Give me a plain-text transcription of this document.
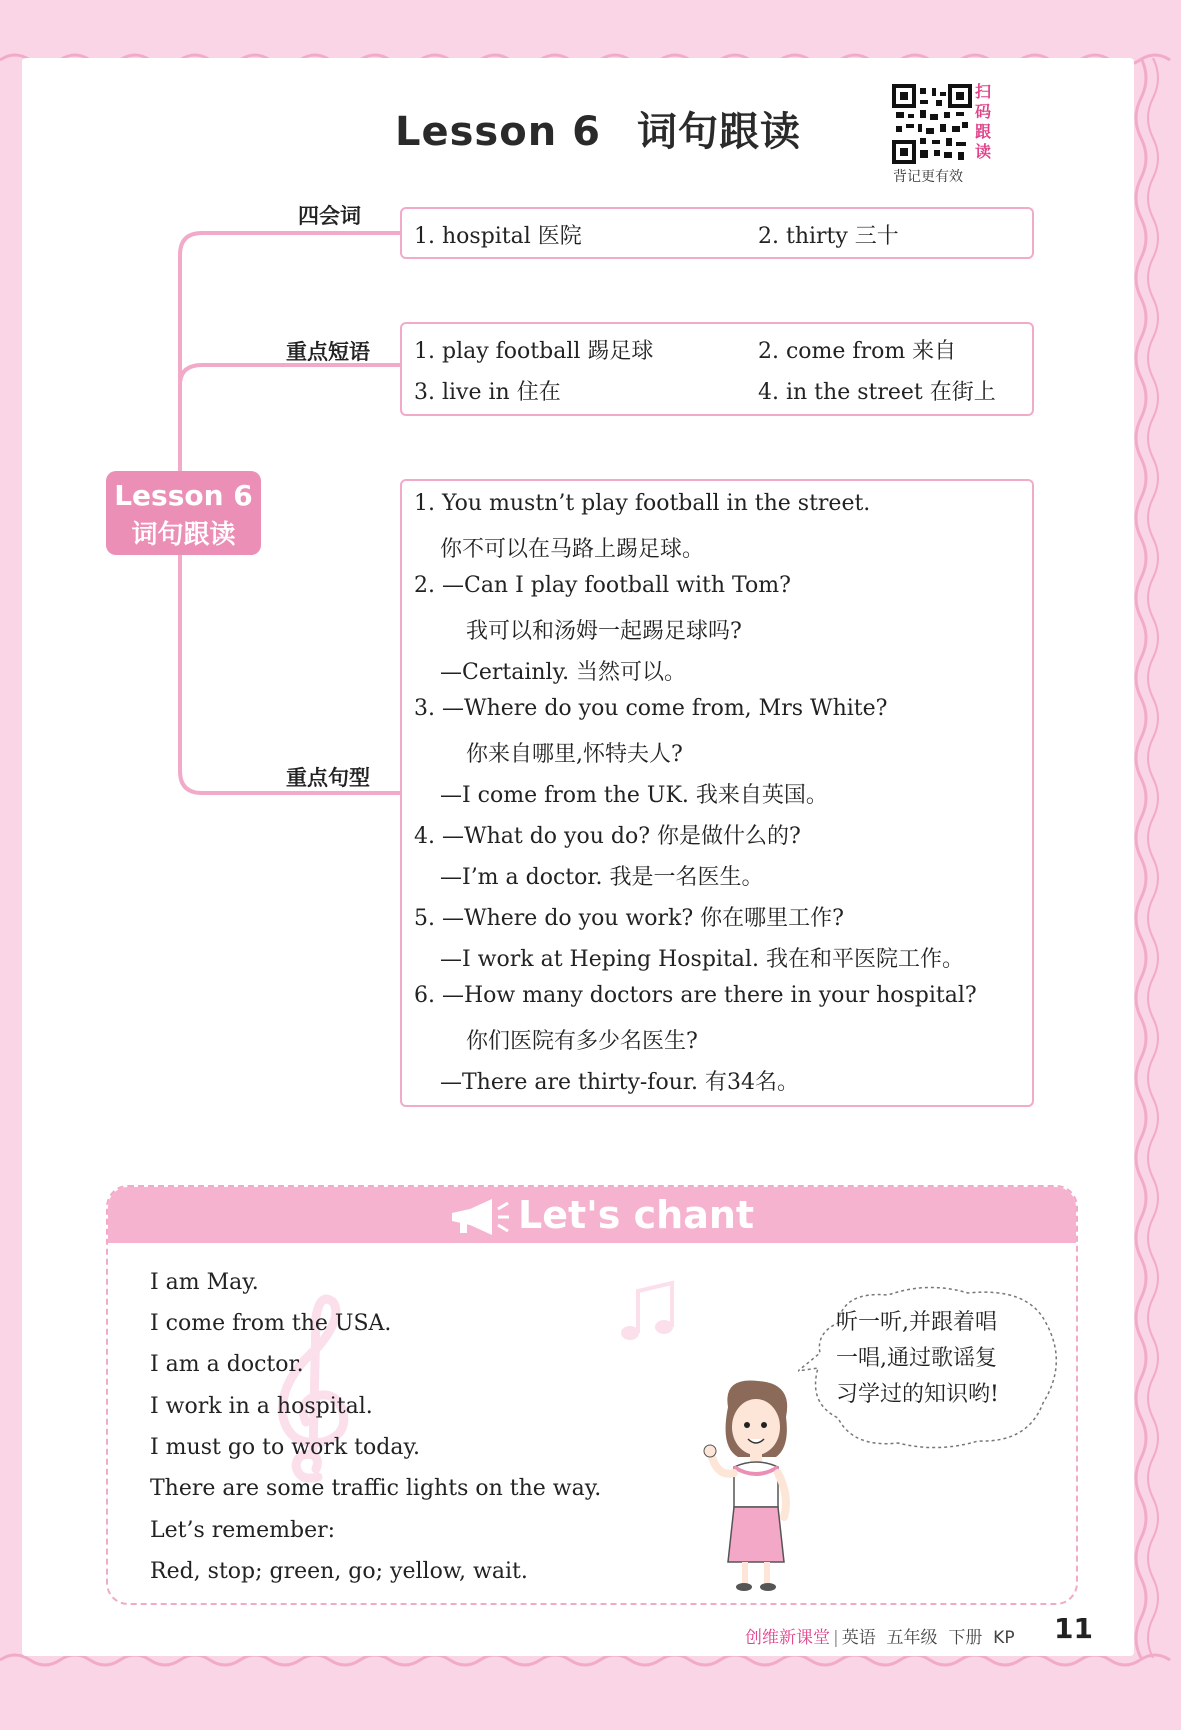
Lesson 6 词句跟读
扫
码
跟
读
背记更有效
Lesson 6
词句跟读
四会词
重点短语
重点句型
1. hospital 医院	2. thirty 三十
1. play football 踢足球	2. come from 来自
3. live in 住在	4. in the street 在街上
1. You mustn’t play football in the street.
你不可以在马路上踢足球。
2. —Can I play football with Tom?
我可以和汤姆一起踢足球吗?
—Certainly. 当然可以。
3. —Where do you come from, Mrs White?
你来自哪里,怀特夫人?
—I come from the UK. 我来自英国。
4. —What do you do? 你是做什么的?
—I’m a doctor. 我是一名医生。
5. —Where do you work? 你在哪里工作?
—I work at Heping Hospital. 我在和平医院工作。
6. —How many doctors are there in your hospital?
你们医院有多少名医生?
—There are thirty-four. 有34名。
Let's chant
I am May.
I come from the USA.
I am a doctor.
I work in a hospital.
I must go to work today.
There are some traffic lights on the way.
Let’s remember:
Red, stop; green, go; yellow, wait.
听一听,并跟着唱
一唱,通过歌谣复
习学过的知识哟!
创维新课堂 | 英语 五年级 下册 KP 11
